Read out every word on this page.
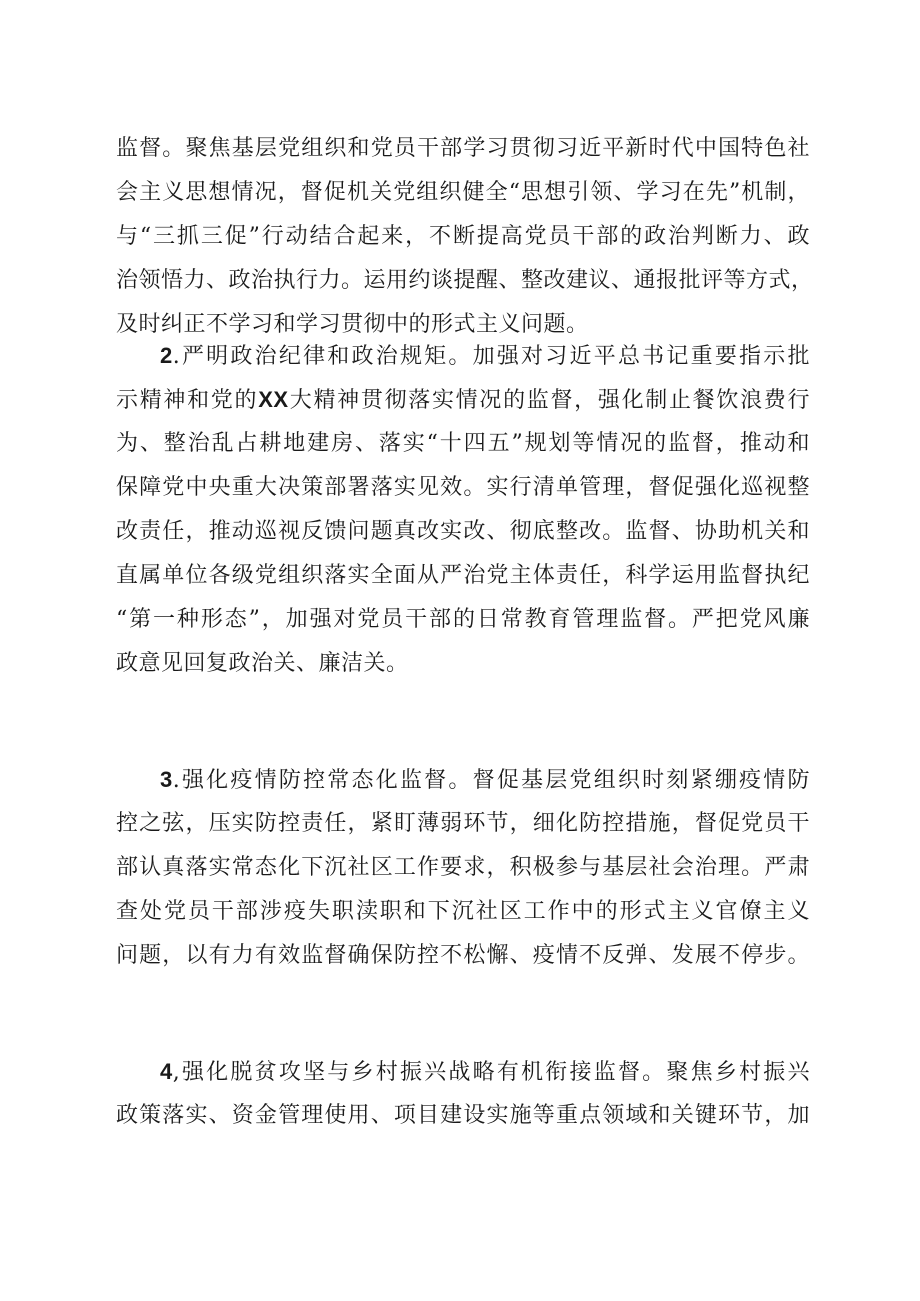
监督。聚焦基层党组织和党员干部学习贯彻习近平新时代中国特色社
会主义思想情况，督促机关党组织健全“思想引领、学习在先”机制，
与“三抓三促”行动结合起来，不断提高党员干部的政治判断力、政
治领悟力、政治执行力。运用约谈提醒、整改建议、通报批评等方式，
及时纠正不学习和学习贯彻中的形式主义问题。
2.严明政治纪律和政治规矩。加强对习近平总书记重要指示批
示精神和党的XX大精神贯彻落实情况的监督，强化制止餐饮浪费行
为、整治乱占耕地建房、落实“十四五”规划等情况的监督，推动和
保障党中央重大决策部署落实见效。实行清单管理，督促强化巡视整
改责任，推动巡视反馈问题真改实改、彻底整改。监督、协助机关和
直属单位各级党组织落实全面从严治党主体责任，科学运用监督执纪
“第一种形态”，加强对党员干部的日常教育管理监督。严把党风廉
政意见回复政治关、廉洁关。
3.强化疫情防控常态化监督。督促基层党组织时刻紧绷疫情防
控之弦，压实防控责任，紧盯薄弱环节，细化防控措施，督促党员干
部认真落实常态化下沉社区工作要求，积极参与基层社会治理。严肃
查处党员干部涉疫失职渎职和下沉社区工作中的形式主义官僚主义
问题，以有力有效监督确保防控不松懈、疫情不反弹、发展不停步。
4,强化脱贫攻坚与乡村振兴战略有机衔接监督。聚焦乡村振兴
政策落实、资金管理使用、项目建设实施等重点领域和关键环节，加
